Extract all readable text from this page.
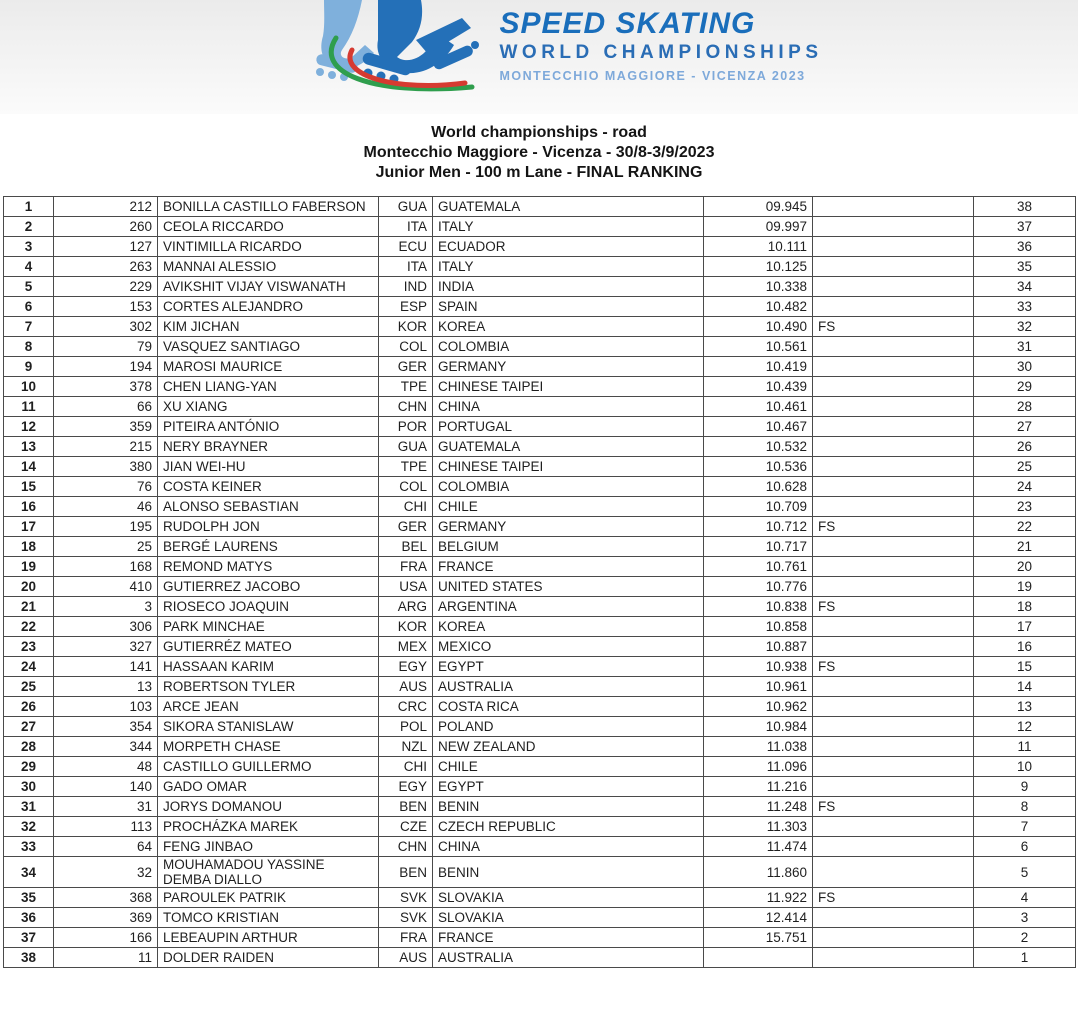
SPEED SKATING
WORLD CHAMPIONSHIPS
MONTECCHIO MAGGIORE - VICENZA 2023
World championships - road
Montecchio Maggiore - Vicenza - 30/8-3/9/2023
Junior Men - 100 m Lane - FINAL RANKING
1	212	BONILLA CASTILLO FABERSON	GUA	GUATEMALA	09.945		38
2	260	CEOLA RICCARDO	ITA	ITALY	09.997		37
3	127	VINTIMILLA RICARDO	ECU	ECUADOR	10.111		36
4	263	MANNAI ALESSIO	ITA	ITALY	10.125		35
5	229	AVIKSHIT VIJAY VISWANATH	IND	INDIA	10.338		34
6	153	CORTES ALEJANDRO	ESP	SPAIN	10.482		33
7	302	KIM JICHAN	KOR	KOREA	10.490	FS	32
8	79	VASQUEZ SANTIAGO	COL	COLOMBIA	10.561		31
9	194	MAROSI MAURICE	GER	GERMANY	10.419		30
10	378	CHEN LIANG-YAN	TPE	CHINESE TAIPEI	10.439		29
11	66	XU XIANG	CHN	CHINA	10.461		28
12	359	PITEIRA ANTÓNIO	POR	PORTUGAL	10.467		27
13	215	NERY BRAYNER	GUA	GUATEMALA	10.532		26
14	380	JIAN WEI-HU	TPE	CHINESE TAIPEI	10.536		25
15	76	COSTA KEINER	COL	COLOMBIA	10.628		24
16	46	ALONSO SEBASTIAN	CHI	CHILE	10.709		23
17	195	RUDOLPH JON	GER	GERMANY	10.712	FS	22
18	25	BERGÉ LAURENS	BEL	BELGIUM	10.717		21
19	168	REMOND MATYS	FRA	FRANCE	10.761		20
20	410	GUTIERREZ JACOBO	USA	UNITED STATES	10.776		19
21	3	RIOSECO JOAQUIN	ARG	ARGENTINA	10.838	FS	18
22	306	PARK MINCHAE	KOR	KOREA	10.858		17
23	327	GUTIERRÉZ MATEO	MEX	MEXICO	10.887		16
24	141	HASSAAN KARIM	EGY	EGYPT	10.938	FS	15
25	13	ROBERTSON TYLER	AUS	AUSTRALIA	10.961		14
26	103	ARCE JEAN	CRC	COSTA RICA	10.962		13
27	354	SIKORA STANISLAW	POL	POLAND	10.984		12
28	344	MORPETH CHASE	NZL	NEW ZEALAND	11.038		11
29	48	CASTILLO GUILLERMO	CHI	CHILE	11.096		10
30	140	GADO OMAR	EGY	EGYPT	11.216		9
31	31	JORYS DOMANOU	BEN	BENIN	11.248	FS	8
32	113	PROCHÁZKA MAREK	CZE	CZECH REPUBLIC	11.303		7
33	64	FENG JINBAO	CHN	CHINA	11.474		6
34	32	MOUHAMADOU YASSINE DEMBA DIALLO	BEN	BENIN	11.860		5
35	368	PAROULEK PATRIK	SVK	SLOVAKIA	11.922	FS	4
36	369	TOMCO KRISTIAN	SVK	SLOVAKIA	12.414		3
37	166	LEBEAUPIN ARTHUR	FRA	FRANCE	15.751		2
38	11	DOLDER RAIDEN	AUS	AUSTRALIA			1
